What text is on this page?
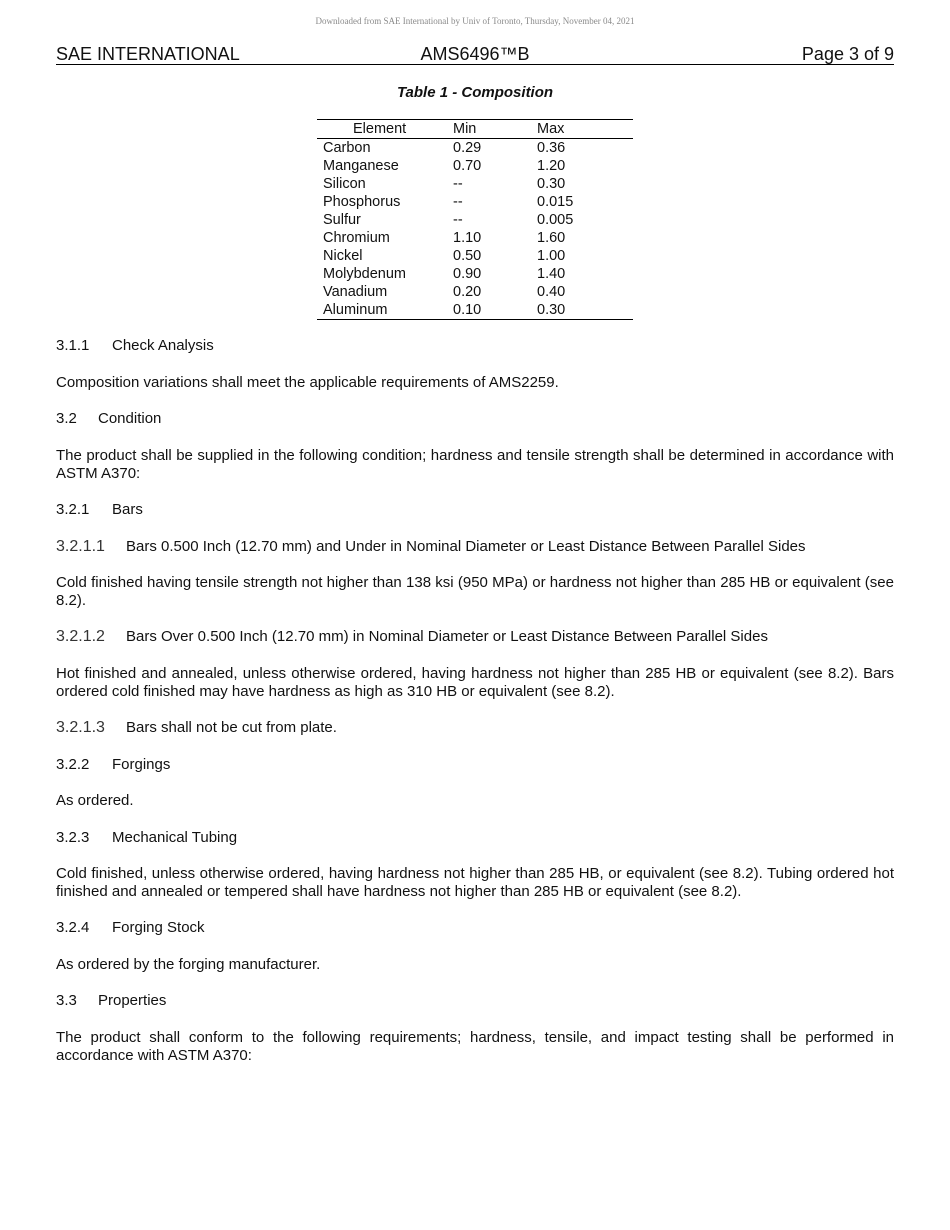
Downloaded from SAE International by Univ of Toronto, Thursday, November 04, 2021
SAE INTERNATIONAL	AMS6496™B	Page 3 of 9
Table 1 - Composition
Element	Min	Max
Carbon	0.29	0.36
Manganese	0.70	1.20
Silicon	--	0.30
Phosphorus	--	0.015
Sulfur	--	0.005
Chromium	1.10	1.60
Nickel	0.50	1.00
Molybdenum	0.90	1.40
Vanadium	0.20	0.40
Aluminum	0.10	0.30
3.1.1 Check Analysis
Composition variations shall meet the applicable requirements of AMS2259.
3.2 Condition
The product shall be supplied in the following condition; hardness and tensile strength shall be determined in accordance with ASTM A370:
3.2.1 Bars
3.2.1.1 Bars 0.500 Inch (12.70 mm) and Under in Nominal Diameter or Least Distance Between Parallel Sides
Cold finished having tensile strength not higher than 138 ksi (950 MPa) or hardness not higher than 285 HB or equivalent (see 8.2).
3.2.1.2 Bars Over 0.500 Inch (12.70 mm) in Nominal Diameter or Least Distance Between Parallel Sides
Hot finished and annealed, unless otherwise ordered, having hardness not higher than 285 HB or equivalent (see 8.2). Bars ordered cold finished may have hardness as high as 310 HB or equivalent (see 8.2).
3.2.1.3 Bars shall not be cut from plate.
3.2.2 Forgings
As ordered.
3.2.3 Mechanical Tubing
Cold finished, unless otherwise ordered, having hardness not higher than 285 HB, or equivalent (see 8.2). Tubing ordered hot finished and annealed or tempered shall have hardness not higher than 285 HB or equivalent (see 8.2).
3.2.4 Forging Stock
As ordered by the forging manufacturer.
3.3 Properties
The product shall conform to the following requirements; hardness, tensile, and impact testing shall be performed in accordance with ASTM A370:
